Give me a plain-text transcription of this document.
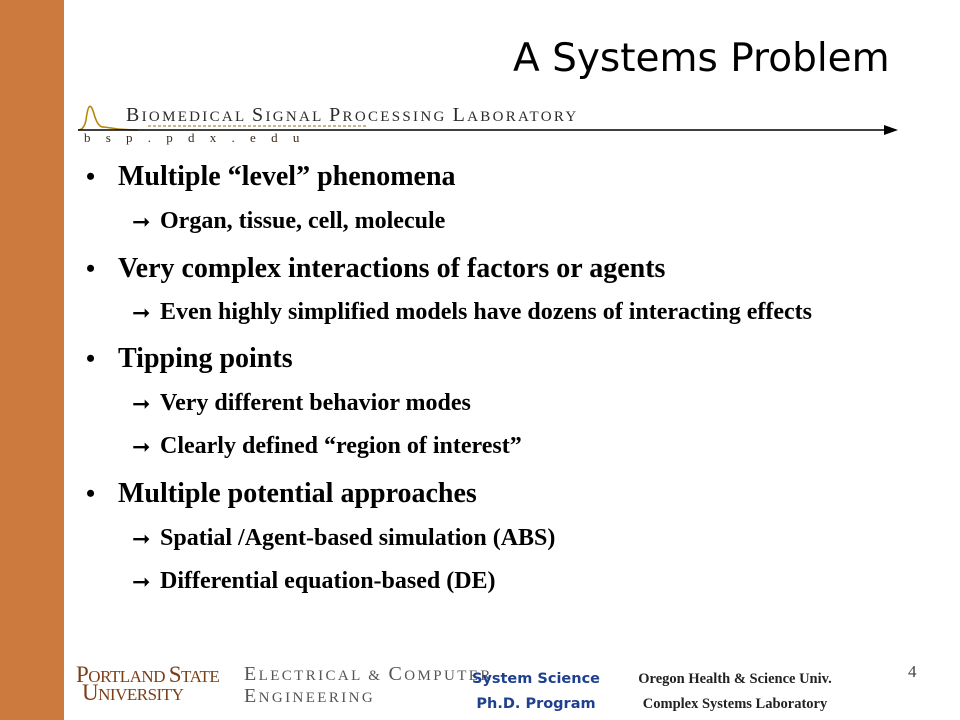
A Systems Problem
BIOMEDICAL SIGNAL PROCESSING LABORATORY
b s p . p d x . e d u
• Multiple “level” phenomena
➞ Organ, tissue, cell, molecule
• Very complex interactions of factors or agents
➞ Even highly simplified models have dozens of interacting effects
• Tipping points
➞ Very different behavior modes
➞ Clearly defined “region of interest”
• Multiple potential approaches
➞ Spatial /Agent-based simulation (ABS)
➞ Differential equation-based (DE)
PORTLAND STATE
UNIVERSITY
ELECTRICAL & COMPUTER
ENGINEERING
System Science
Ph.D. Program
Oregon Health & Science Univ.
Complex Systems Laboratory
4
